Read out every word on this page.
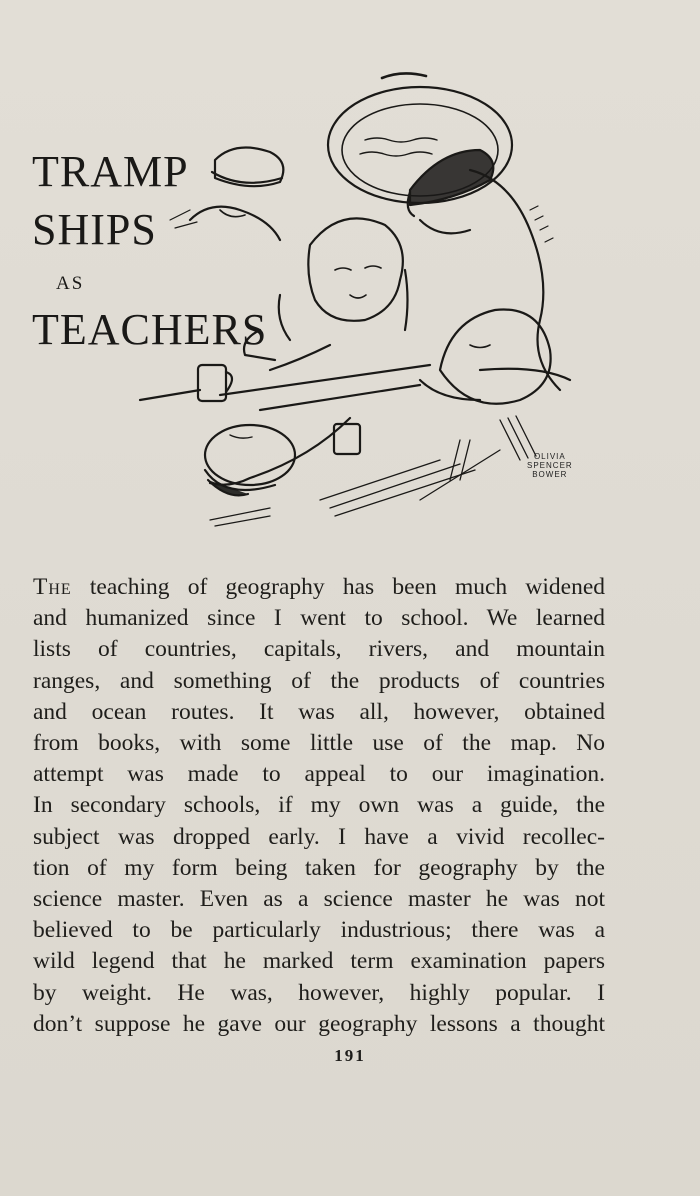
TRAMP
SHIPS
AS
TEACHERS
OLIVIA
SPENCER
BOWER
The teaching of geography has been much widened
and humanized since I went to school. We learned
lists of countries, capitals, rivers, and mountain
ranges, and something of the products of countries
and ocean routes. It was all, however, obtained
from books, with some little use of the map. No
attempt was made to appeal to our imagination.
In secondary schools, if my own was a guide, the
subject was dropped early. I have a vivid recollec-
tion of my form being taken for geography by the
science master. Even as a science master he was not
believed to be particularly industrious; there was a
wild legend that he marked term examination papers
by weight. He was, however, highly popular. I
don’t suppose he gave our geography lessons a thought
191
